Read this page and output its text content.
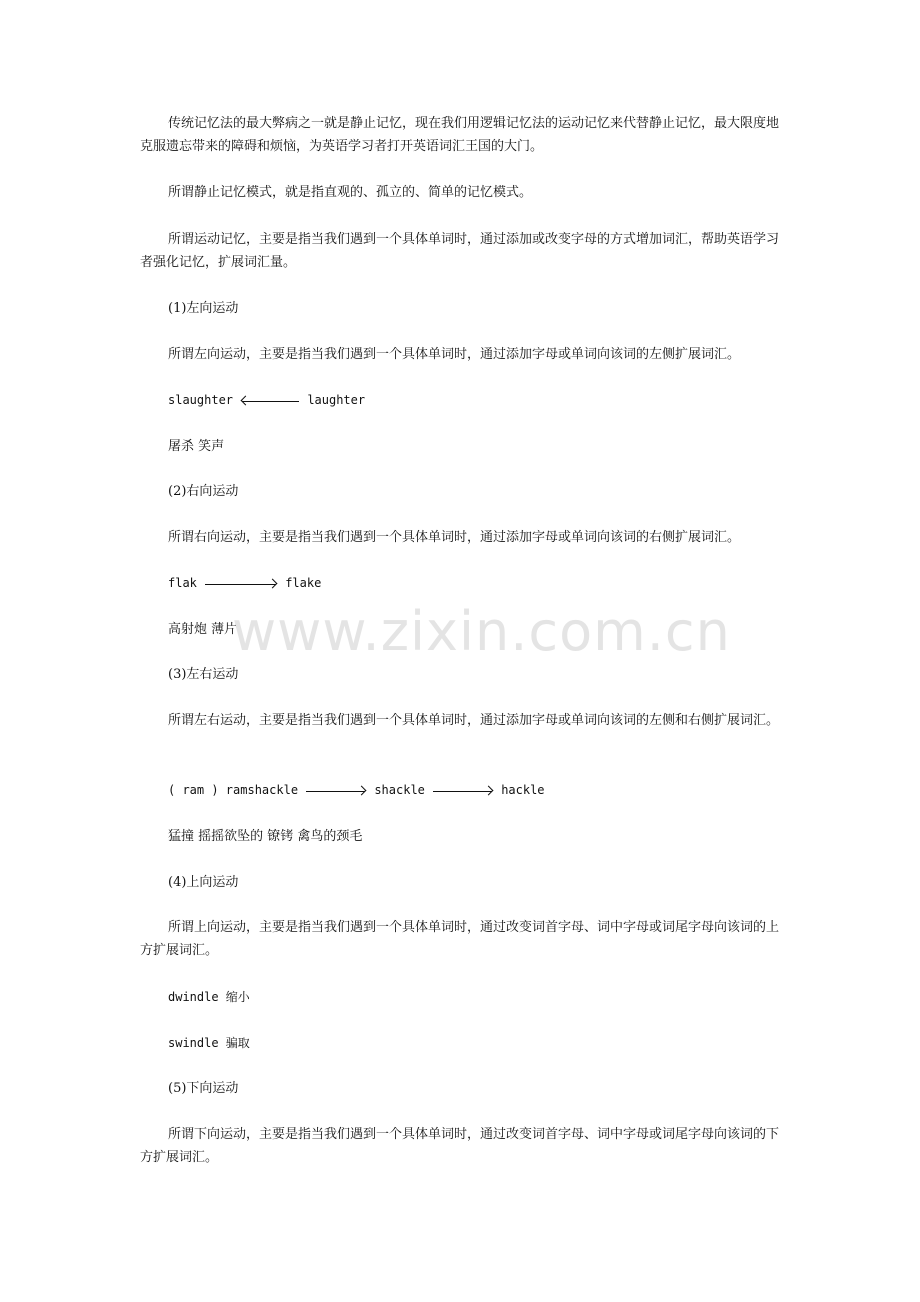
传统记忆法的最大弊病之一就是静止记忆，现在我们用逻辑记忆法的运动记忆来代替静止记忆，最大限度地克服遗忘带来的障碍和烦恼，为英语学习者打开英语词汇王国的大门。

所谓静止记忆模式，就是指直观的、孤立的、简单的记忆模式。

所谓运动记忆，主要是指当我们遇到一个具体单词时，通过添加或改变字母的方式增加词汇，帮助英语学习者强化记忆，扩展词汇量。

(1)左向运动

所谓左向运动，主要是指当我们遇到一个具体单词时，通过添加字母或单词向该词的左侧扩展词汇。

slaughter	laughter

屠杀 笑声

(2)右向运动

所谓右向运动，主要是指当我们遇到一个具体单词时，通过添加字母或单词向该词的右侧扩展词汇。

flak	flake

高射炮 薄片

(3)左右运动

所谓左右运动，主要是指当我们遇到一个具体单词时，通过添加字母或单词向该词的左侧和右侧扩展词汇。

( ram ) ramshackle	shackle	hackle

猛撞 摇摇欲坠的 镣铐 禽鸟的颈毛

(4)上向运动

所谓上向运动，主要是指当我们遇到一个具体单词时，通过改变词首字母、词中字母或词尾字母向该词的上方扩展词汇。

dwindle 缩小

swindle 骗取

(5)下向运动

所谓下向运动，主要是指当我们遇到一个具体单词时，通过改变词首字母、词中字母或词尾字母向该词的下方扩展词汇。

www.zixin.com.cn
